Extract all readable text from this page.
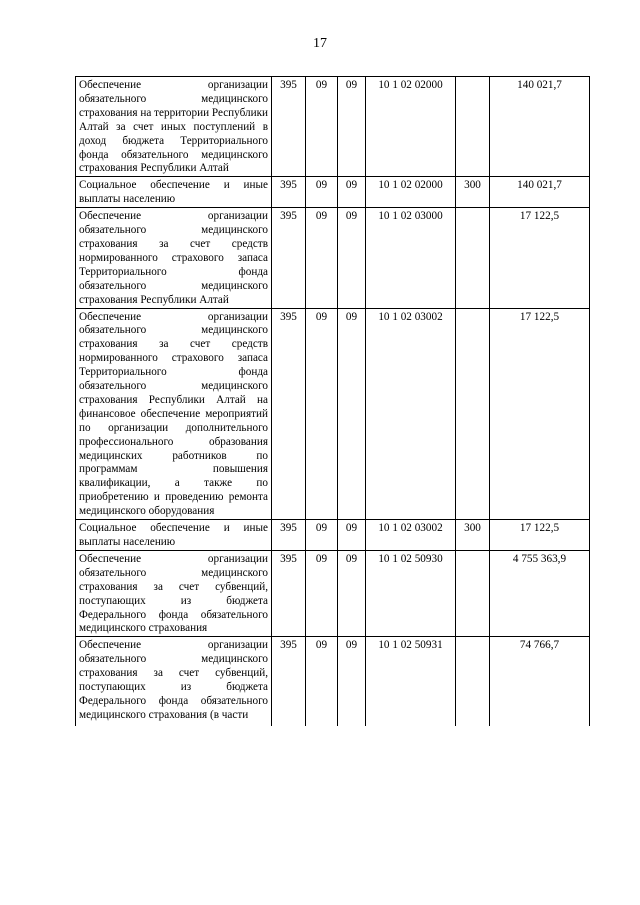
17
Обеспечение организации обязательного медицинского страхования на территории Республики Алтай за счет иных поступлений в доход бюджета Территориального фонда обязательного медицинского страхования Республики Алтай	395	09	09	10 1 02 02000		140 021,7
Социальное обеспечение и иные выплаты населению	395	09	09	10 1 02 02000	300	140 021,7
Обеспечение организации обязательного медицинского страхования за счет средств нормированного страхового запаса Территориального фонда обязательного медицинского страхования Республики Алтай	395	09	09	10 1 02 03000		17 122,5
Обеспечение организации обязательного медицинского страхования за счет средств нормированного страхового запаса Территориального фонда обязательного медицинского страхования Республики Алтай на финансовое обеспечение мероприятий по организации дополнительного профессионального образования медицинских работников по программам повышения квалификации, а также по приобретению и проведению ремонта медицинского оборудования	395	09	09	10 1 02 03002		17 122,5
Социальное обеспечение и иные выплаты населению	395	09	09	10 1 02 03002	300	17 122,5
Обеспечение организации обязательного медицинского страхования за счет субвенций, поступающих из бюджета Федерального фонда обязательного медицинского страхования	395	09	09	10 1 02 50930		4 755 363,9
Обеспечение организации обязательного медицинского страхования за счет субвенций, поступающих из бюджета Федерального фонда обязательного медицинского страхования (в части	395	09	09	10 1 02 50931		74 766,7
